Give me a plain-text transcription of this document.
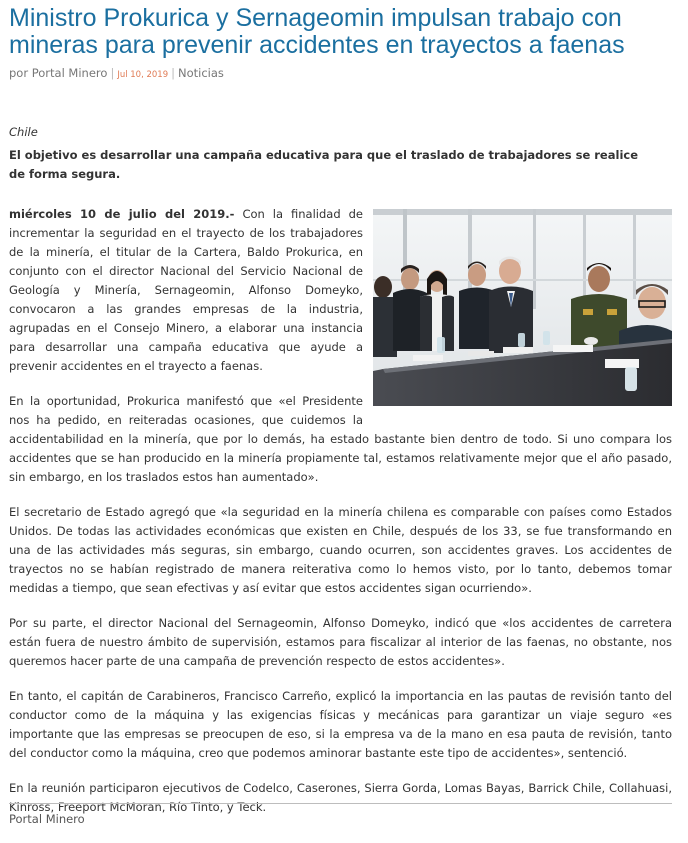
Ministro Prokurica y Sernageomin impulsan trabajo con mineras para prevenir accidentes en trayectos a faenas
por Portal Minero | Jul 10, 2019 | Noticias
Chile

El objetivo es desarrollar una campaña educativa para que el traslado de trabajadores se realice de forma segura.

miércoles 10 de julio del 2019.- Con la finalidad de incrementar la seguridad en el trayecto de los trabajadores de la minería, el titular de la Cartera, Baldo Prokurica, en conjunto con el director Nacional del Servicio Nacional de Geología y Minería, Sernageomin, Alfonso Domeyko, convocaron a las grandes empresas de la industria, agrupadas en el Consejo Minero, a elaborar una instancia para desarrollar una campaña educativa que ayude a prevenir accidentes en el trayecto a faenas.

En la oportunidad, Prokurica manifestó que «el Presidente nos ha pedido, en reiteradas ocasiones, que cuidemos la accidentabilidad en la minería, que por lo demás, ha estado bastante bien dentro de todo. Si uno compara los accidentes que se han producido en la minería propiamente tal, estamos relativamente mejor que el año pasado, sin embargo, en los traslados estos han aumentado».

El secretario de Estado agregó que «la seguridad en la minería chilena es comparable con países como Estados Unidos. De todas las actividades económicas que existen en Chile, después de los 33, se fue transformando en una de las actividades más seguras, sin embargo, cuando ocurren, son accidentes graves. Los accidentes de trayectos no se habían registrado de manera reiterativa como lo hemos visto, por lo tanto, debemos tomar medidas a tiempo, que sean efectivas y así evitar que estos accidentes sigan ocurriendo».

Por su parte, el director Nacional del Sernageomin, Alfonso Domeyko, indicó que «los accidentes de carretera están fuera de nuestro ámbito de supervisión, estamos para fiscalizar al interior de las faenas, no obstante, nos queremos hacer parte de una campaña de prevención respecto de estos accidentes».

En tanto, el capitán de Carabineros, Francisco Carreño, explicó la importancia en las pautas de revisión tanto del conductor como de la máquina y las exigencias físicas y mecánicas para garantizar un viaje seguro «es importante que las empresas se preocupen de eso, si la empresa va de la mano en esa pauta de revisión, tanto del conductor como la máquina, creo que podemos aminorar bastante este tipo de accidentes», sentenció.

En la reunión participaron ejecutivos de Codelco, Caserones, Sierra Gorda, Lomas Bayas, Barrick Chile, Collahuasi, Kinross, Freeport McMoran, Río Tinto, y Teck.

Portal Minero
